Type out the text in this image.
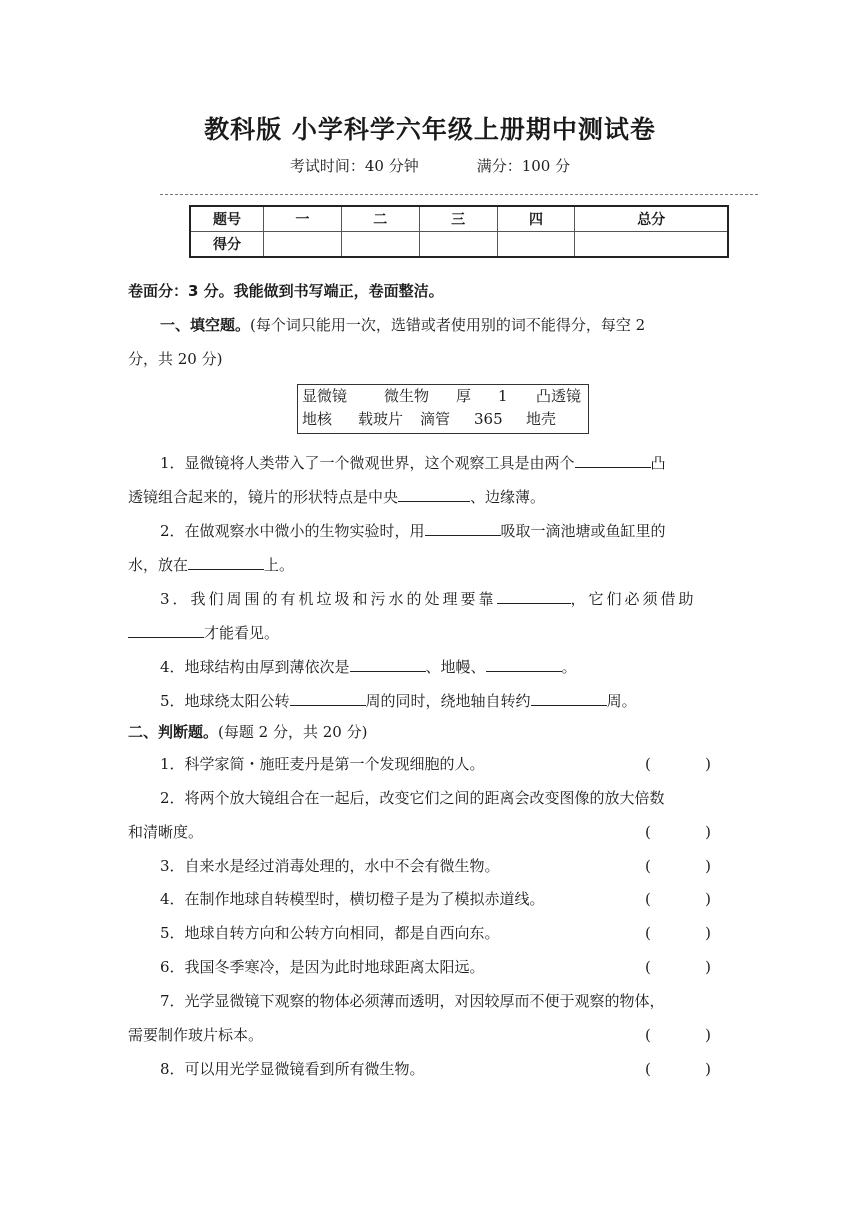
教科版 小学科学六年级上册期中测试卷
考试时间：40 分钟	满分：100 分
题号	一	二	三	四	总分
得分					
卷面分：3 分。我能做到书写端正，卷面整洁。
一、填空题。(每个词只能用一次，选错或者使用别的词不能得分，每空 2
分，共 20 分)
显微镜 微生物 厚 1 凸透镜
地核 载玻片 滴管 365 地壳
1．显微镜将人类带入了一个微观世界，这个观察工具是由两个	凸
透镜组合起来的，镜片的形状特点是中央	、边缘薄。
2．在做观察水中微小的生物实验时，用	吸取一滴池塘或鱼缸里的
水，放在	上。
3．我们周围的有机垃圾和污水的处理要靠	，它们必须借助
才能看见。
4．地球结构由厚到薄依次是	、地幔、	。
5．地球绕太阳公转	周的同时，绕地轴自转约	周。
二、判断题。(每题 2 分，共 20 分)
1．科学家简・施旺麦丹是第一个发现细胞的人。	(	)
2．将两个放大镜组合在一起后，改变它们之间的距离会改变图像的放大倍数
和清晰度。	(	)
3．自来水是经过消毒处理的，水中不会有微生物。	(	)
4．在制作地球自转模型时，横切橙子是为了模拟赤道线。	(	)
5．地球自转方向和公转方向相同，都是自西向东。	(	)
6．我国冬季寒冷，是因为此时地球距离太阳远。	(	)
7．光学显微镜下观察的物体必须薄而透明，对因较厚而不便于观察的物体，
需要制作玻片标本。	(	)
8．可以用光学显微镜看到所有微生物。	(	)
